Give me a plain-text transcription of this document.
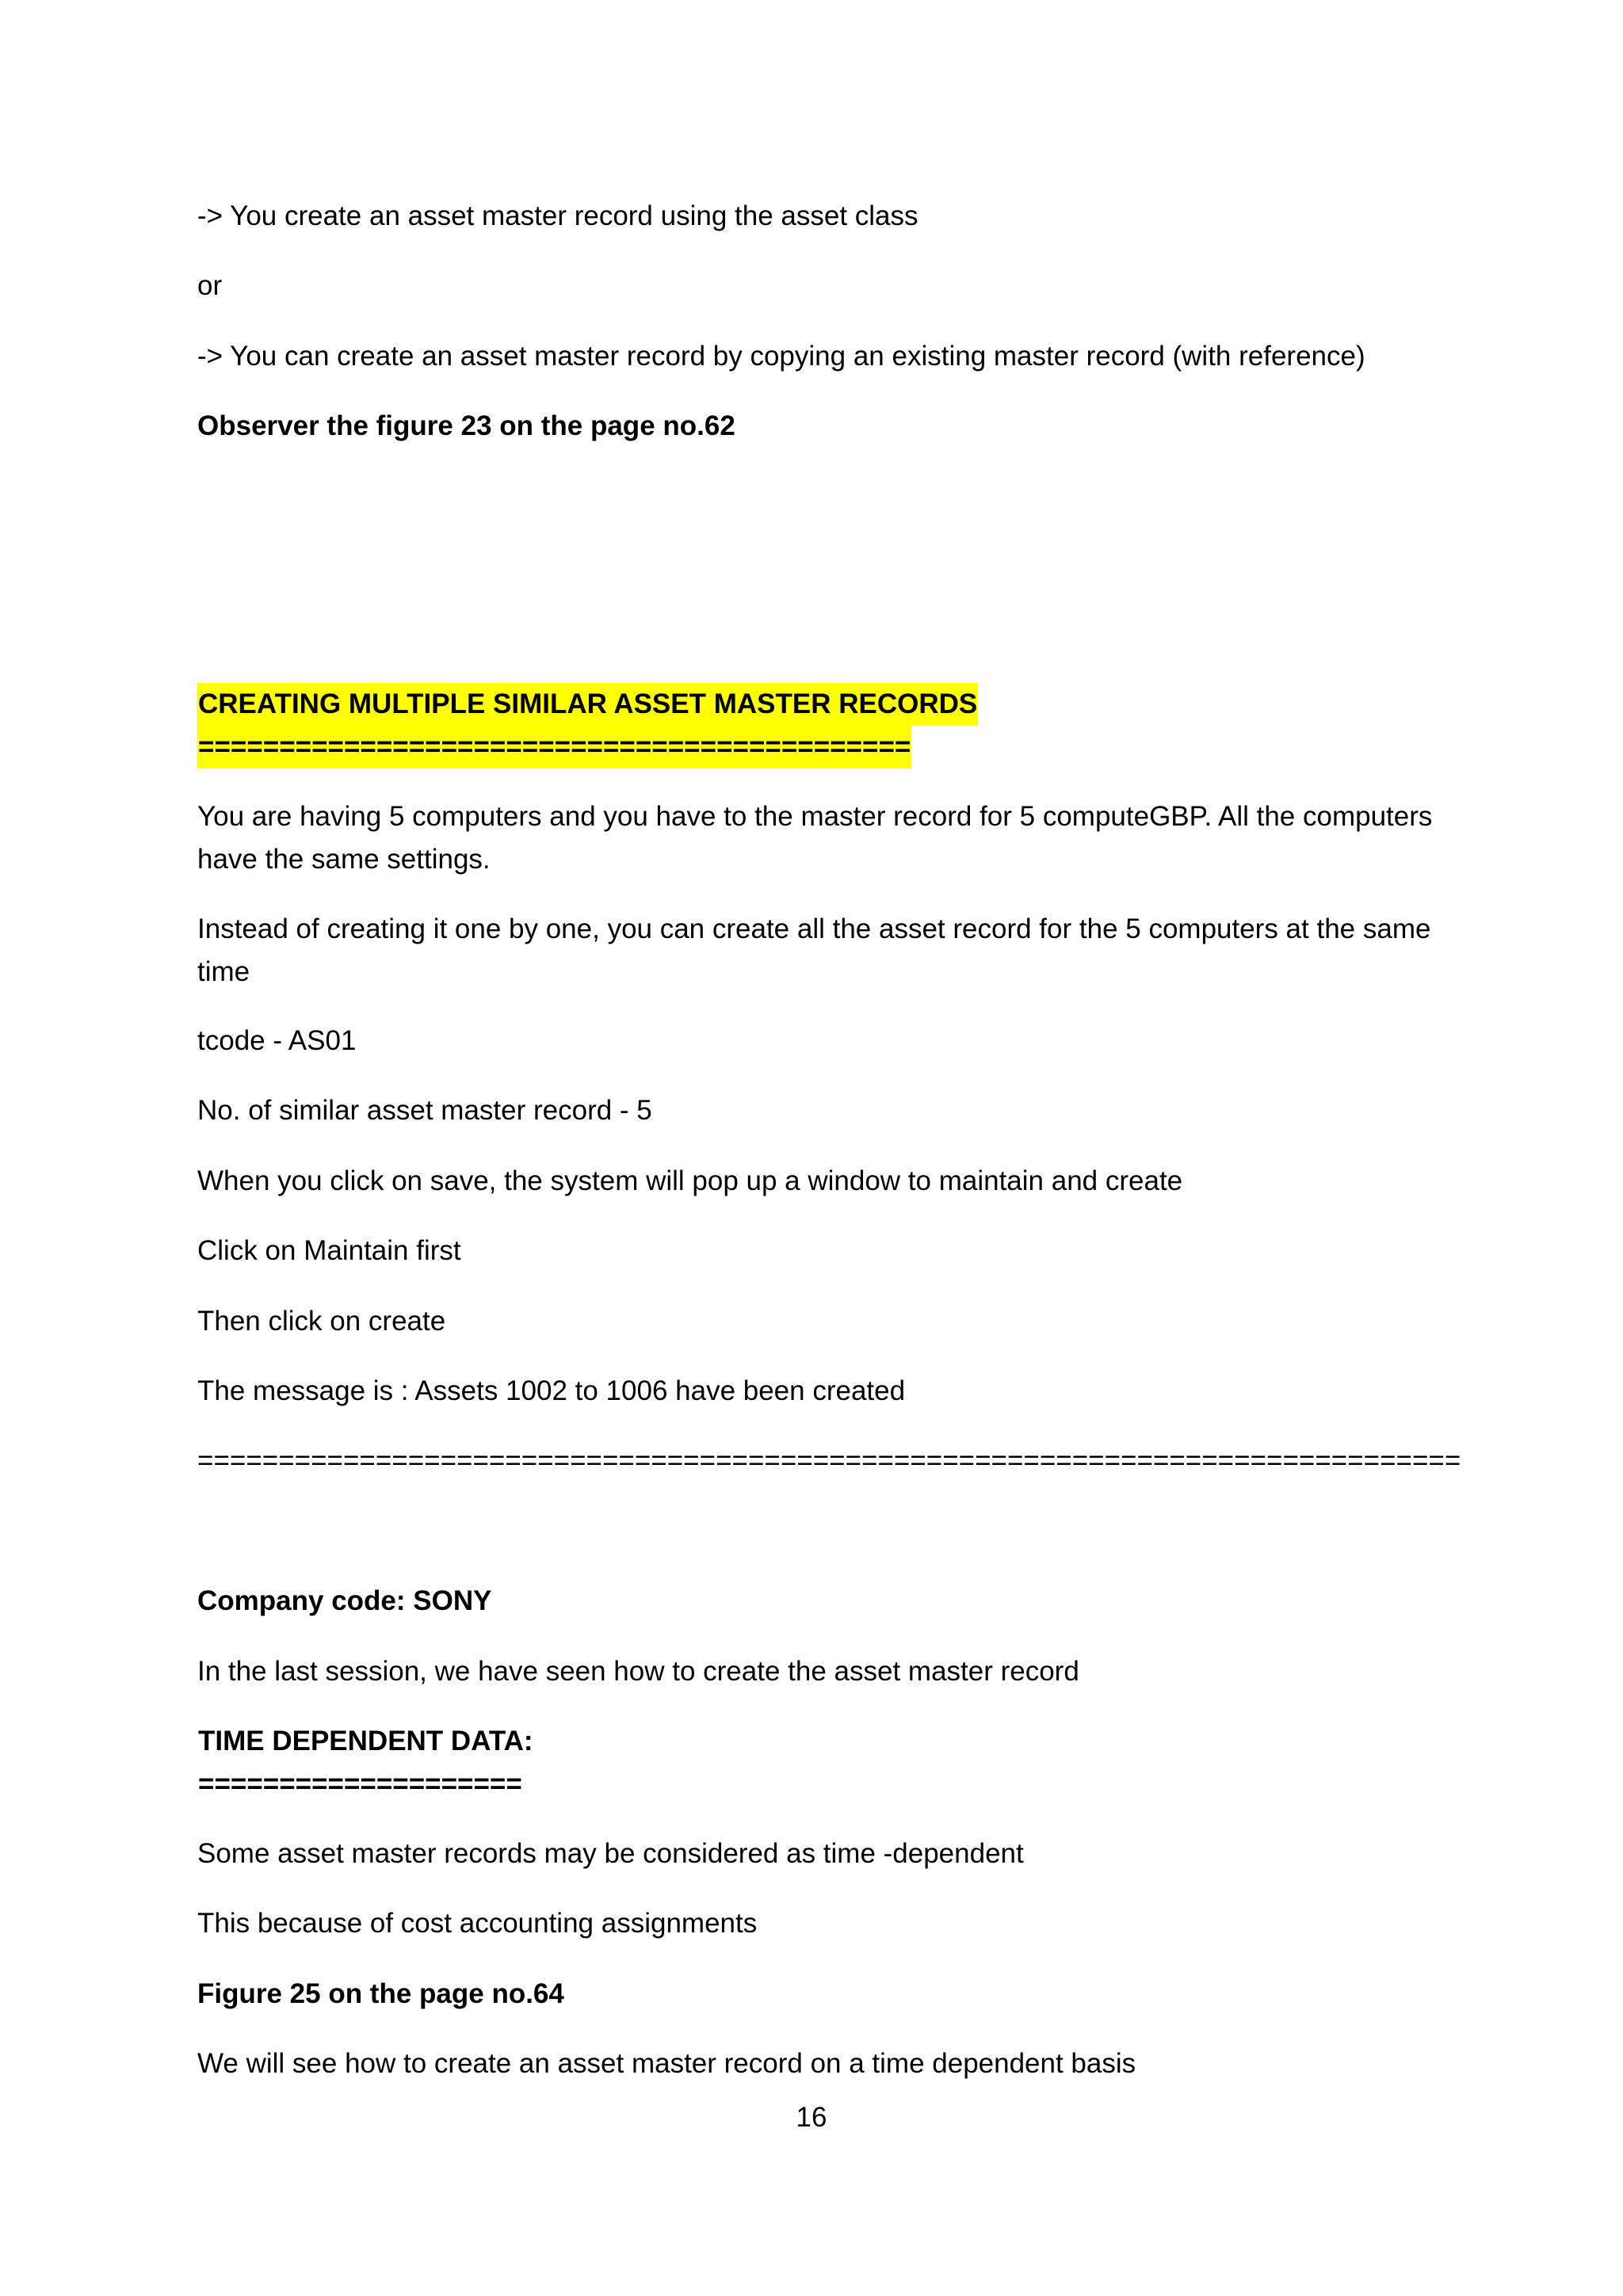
-> You create an asset master record using the asset class

or

-> You can create an asset master record by copying an existing master record (with reference)

Observer the figure 23 on the page no.62

CREATING MULTIPLE SIMILAR ASSET MASTER RECORDS
============================================

You are having 5 computers and you have to the master record for 5 computeGBP. All the computers have the same settings.

Instead of creating it one by one, you can create all the asset record for the 5 computers at the same time

tcode - AS01

No. of similar asset master record - 5

When you click on save, the system will pop up a window to maintain and create

Click on Maintain first

Then click on create

The message is : Assets 1002 to 1006 have been created

==============================================================================

Company code: SONY

In the last session, we have seen how to create the asset master record

TIME DEPENDENT DATA:
====================

Some asset master records may be considered as time -dependent

This because of cost accounting assignments

Figure 25 on the page no.64

We will see how to create an asset master record on a time dependent basis

16
